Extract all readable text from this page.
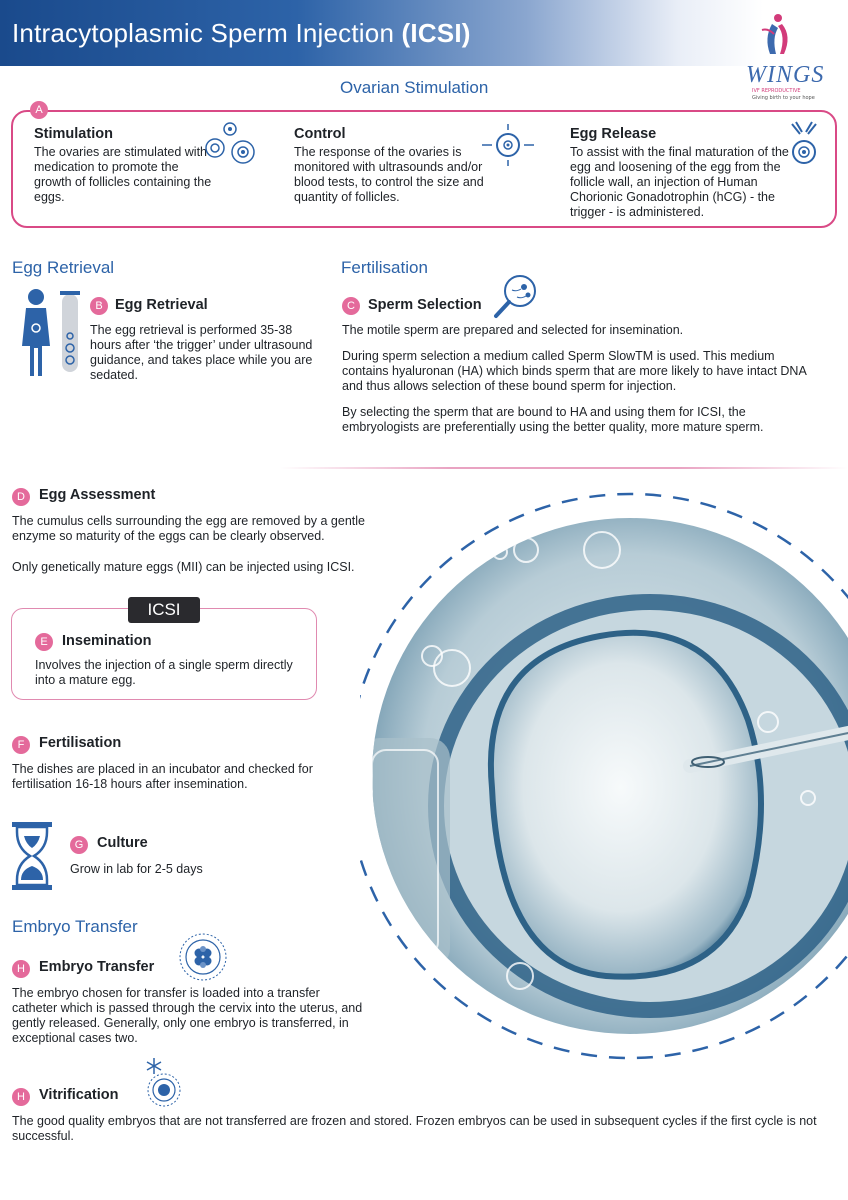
Intracytoplasmic Sperm Injection (ICSI)
WINGS
IVF REPRODUCTIVE
Giving birth to your hope
Ovarian Stimulation
A
Stimulation
The ovaries are stimulated with medication to promote the growth of follicles containing the eggs.
Control
The response of the ovaries is monitored with ultrasounds and/or blood tests, to control the size and quantity of follicles.
Egg Release
To assist with the final maturation of the egg and loosening of the egg from the follicle wall, an injection of Human Chorionic Gonadotrophin (hCG) - the trigger - is administered.
Egg Retrieval
B Egg Retrieval
The egg retrieval is performed 35-38 hours after ‘the trigger’ under ultrasound guidance, and takes place while you are sedated.
Fertilisation
C Sperm Selection
The motile sperm are prepared and selected for insemination.
During sperm selection a medium called Sperm SlowTM is used. This medium contains hyaluronan (HA) which binds sperm that are more likely to have intact DNA and thus allows selection of these bound sperm for injection.
By selecting the sperm that are bound to HA and using them for ICSI, the embryologists are preferentially using the better quality, more mature sperm.
D Egg Assessment
The cumulus cells surrounding the egg are removed by a gentle enzyme so maturity of the eggs can be clearly observed.
Only genetically mature eggs (MII) can be injected using ICSI.
ICSI
E Insemination
Involves the injection of a single sperm directly into a mature egg.
F	Fertilisation
The dishes are placed in an incubator and checked for fertilisation 16-18 hours after insemination.
G Culture
Grow in lab for 2-5 days
Embryo Transfer
H Embryo Transfer
The embryo chosen for transfer is loaded into a transfer catheter which is passed through the cervix into the uterus, and gently released. Generally, only one embryo is transferred, in exceptional cases two.
H Vitrification
The good quality embryos that are not transferred are frozen and stored. Frozen embryos can be used in subsequent cycles if the first cycle is not successful.
